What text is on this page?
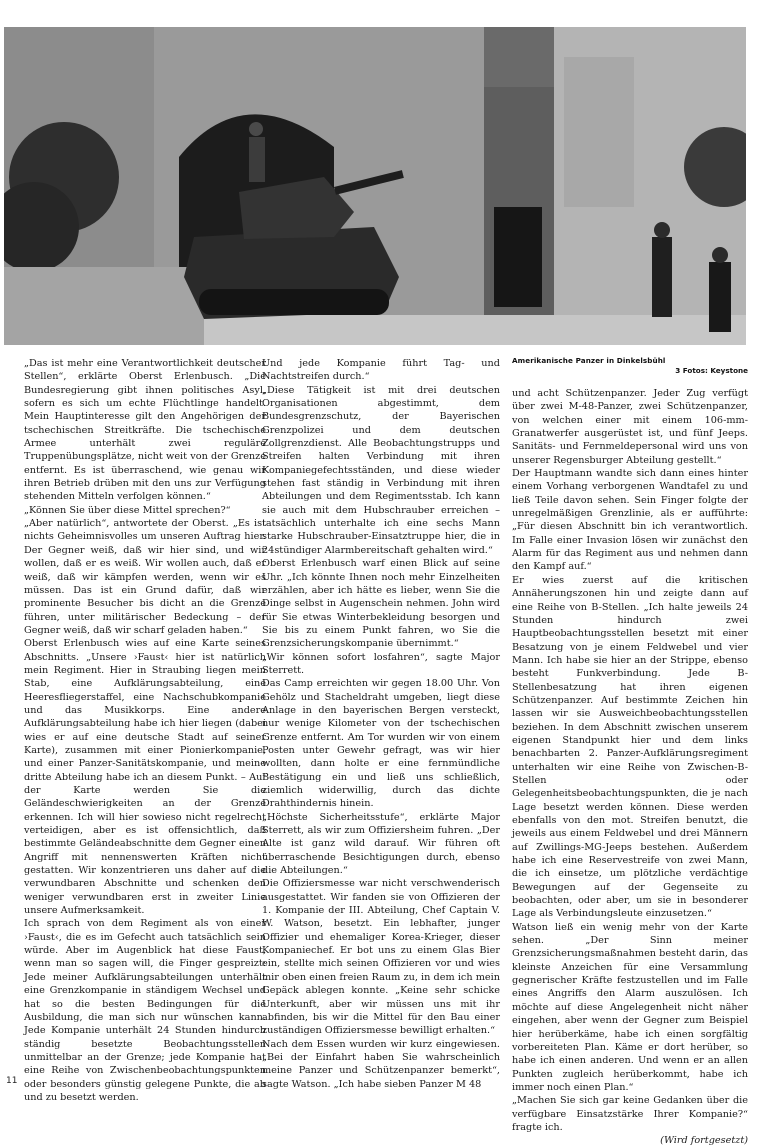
Amerikanische Panzer in Dinkelsbühl
3 Fotos: Keystone

„Das ist mehr eine Verantwortlichkeit deutscher Stellen“, erklärte Oberst Erlenbusch. „Die Bundesregierung gibt ihnen politisches Asyl, sofern es sich um echte Flüchtlinge handelt. Mein Hauptinteresse gilt den Angehörigen der tschechischen Streitkräfte. Die tschechische Armee unterhält zwei reguläre Truppenübungsplätze, nicht weit von der Grenze entfernt. Es ist überraschend, wie genau wir ihren Betrieb drüben mit den uns zur Verfügung stehenden Mitteln verfolgen können.“

„Können Sie über diese Mittel sprechen?“

„Aber natürlich“, antwortete der Oberst. „Es ist nichts Geheimnisvolles um unseren Auftrag hier. Der Gegner weiß, daß wir hier sind, und wir wollen, daß er es weiß. Wir wollen auch, daß er weiß, daß wir kämpfen werden, wenn wir es müssen. Das ist ein Grund dafür, daß wir prominente Besucher bis dicht an die Grenze führen, unter militärischer Bedeckung – der Gegner weiß, daß wir scharf geladen haben.“

Oberst Erlenbusch wies auf eine Karte seines Abschnitts. „Unsere ›Faust‹ hier ist natürlich mein Regiment. Hier in Straubing liegen mein Stab, eine Aufklärungsabteilung, eine Heeresfliegerstaffel, eine Nachschubkompanie und das Musikkorps. Eine andere Aufklärungsabteilung habe ich hier liegen (dabei wies er auf eine deutsche Stadt auf seiner Karte), zusammen mit einer Pionierkompanie, und einer Panzer-Sanitätskompanie, und meine dritte Abteilung habe ich an diesem Punkt. – Auf der Karte werden Sie die Geländeschwierigkeiten an der Grenze erkennen. Ich will hier sowieso nicht regelrecht verteidigen, aber es ist offensichtlich, daß bestimmte Geländeabschnitte dem Gegner einen Angriff mit nennenswerten Kräften nicht gestatten. Wir konzentrieren uns daher auf die verwundbaren Abschnitte und schenken den weniger verwundbaren erst in zweiter Linie unsere Aufmerksamkeit.

Ich sprach von dem Regiment als von einer ›Faust‹, die es im Gefecht auch tatsächlich sein würde. Aber im Augenblick hat diese Faust, wenn man so sagen will, die Finger gespreizt: Jede meiner Aufklärungsabteilungen unterhält eine Grenzkompanie in ständigem Wechsel und hat so die besten Bedingungen für die Ausbildung, die man sich nur wünschen kann. Jede Kompanie unterhält 24 Stunden hindurch ständig besetzte Beobachtungsstellen unmittelbar an der Grenze; jede Kompanie hat eine Reihe von Zwischenbeobachtungspunkten oder besonders günstig gelegene Punkte, die ab und zu besetzt werden.

Und jede Kompanie führt Tag- und Nachtstreifen durch.“

„Diese Tätigkeit ist mit drei deutschen Organisationen abgestimmt, dem Bundesgrenzschutz, der Bayerischen Grenzpolizei und dem deutschen Zollgrenzdienst. Alle Beobachtungstrupps und Streifen halten Verbindung mit ihren Kompaniegefechtsständen, und diese wieder stehen fast ständig in Verbindung mit ihren Abteilungen und dem Regimentsstab. Ich kann sie auch mit dem Hubschrauber erreichen – tatsächlich unterhalte ich eine sechs Mann starke Hubschrauber-Einsatztruppe hier, die in 24stündiger Alarmbereitschaft gehalten wird.“

Oberst Erlenbusch warf einen Blick auf seine Uhr. „Ich könnte Ihnen noch mehr Einzelheiten erzählen, aber ich hätte es lieber, wenn Sie die Dinge selbst in Augenschein nehmen. John wird für Sie etwas Winterbekleidung besorgen und Sie bis zu einem Punkt fahren, wo Sie die Grenzsicherungskompanie übernimmt.“

„Wir können sofort losfahren“, sagte Major Sterrett.

Das Camp erreichten wir gegen 18.00 Uhr. Von Gehölz und Stacheldraht umgeben, liegt diese Anlage in den bayerischen Bergen versteckt, nur wenige Kilometer von der tschechischen Grenze entfernt. Am Tor wurden wir von einem Posten unter Gewehr gefragt, was wir hier wollten, dann holte er eine fernmündliche Bestätigung ein und ließ uns schließlich, ziemlich widerwillig, durch das dichte Drahthindernis hinein.

„Höchste Sicherheitsstufe“, erklärte Major Sterrett, als wir zum Offiziersheim fuhren. „Der Alte ist ganz wild darauf. Wir führen oft überraschende Besichtigungen durch, ebenso die Abteilungen.“

Die Offiziersmesse war nicht verschwenderisch ausgestattet. Wir fanden sie von Offizieren der 1. Kompanie der III. Abteilung, Chef Captain V. W. Watson, besetzt. Ein lebhafter, junger Offizier und ehemaliger Korea-Krieger, dieser Kompaniechef. Er bot uns zu einem Glas Bier ein, stellte mich seinen Offizieren vor und wies mir oben einen freien Raum zu, in dem ich mein Gepäck ablegen konnte. „Keine sehr schicke Unterkunft, aber wir müssen uns mit ihr abfinden, bis wir die Mittel für den Bau einer zuständigen Offiziersmesse bewilligt erhalten.“

Nach dem Essen wurden wir kurz eingewiesen. „Bei der Einfahrt haben Sie wahrscheinlich meine Panzer und Schützenpanzer bemerkt“, sagte Watson. „Ich habe sieben Panzer M 48

und acht Schützenpanzer. Jeder Zug verfügt über zwei M-48-Panzer, zwei Schützenpanzer, von welchen einer mit einem 106-mm-Granatwerfer ausgerüstet ist, und fünf Jeeps. Sanitäts- und Fernmeldepersonal wird uns von unserer Regensburger Abteilung gestellt.“

Der Hauptmann wandte sich dann eines hinter einem Vorhang verborgenen Wandtafel zu und ließ Teile davon sehen. Sein Finger folgte der unregelmäßigen Grenzlinie, als er aufführte: „Für diesen Abschnitt bin ich verantwortlich. Im Falle einer Invasion lösen wir zunächst den Alarm für das Regiment aus und nehmen dann den Kampf auf.“

Er wies zuerst auf die kritischen Annäherungszonen hin und zeigte dann auf eine Reihe von B-Stellen. „Ich halte jeweils 24 Stunden hindurch zwei Hauptbeobachtungsstellen besetzt mit einer Besatzung von je einem Feldwebel und vier Mann. Ich habe sie hier an der Strippe, ebenso besteht Funkverbindung. Jede B-Stellenbesatzung hat ihren eigenen Schützenpanzer. Auf bestimmte Zeichen hin lassen wir sie Ausweichbeobachtungsstellen beziehen. In dem Abschnitt zwischen unserem eigenen Standpunkt hier und dem links benachbarten 2. Panzer-Aufklärungsregiment unterhalten wir eine Reihe von Zwischen-B-Stellen oder Gelegenheitsbeobachtungspunkten, die je nach Lage besetzt werden können. Diese werden ebenfalls von den mot. Streifen benutzt, die jeweils aus einem Feldwebel und drei Männern auf Zwillings-MG-Jeeps bestehen. Außerdem habe ich eine Reservestreife von zwei Mann, die ich einsetze, um plötzliche verdächtige Bewegungen auf der Gegenseite zu beobachten, oder aber, um sie in besonderer Lage als Verbindungsleute einzusetzen.“

Watson ließ ein wenig mehr von der Karte sehen. „Der Sinn meiner Grenzsicherungsmaßnahmen besteht darin, das kleinste Anzeichen für eine Versammlung gegnerischer Kräfte festzustellen und im Falle eines Angriffs den Alarm auszulösen. Ich möchte auf diese Angelegenheit nicht näher eingehen, aber wenn der Gegner zum Beispiel hier herüberkäme, habe ich einen sorgfältig vorbereiteten Plan. Käme er dort herüber, so habe ich einen anderen. Und wenn er an allen Punkten zugleich herüberkommt, habe ich immer noch einen Plan.“

„Machen Sie sich gar keine Gedanken über die verfügbare Einsatzstärke Ihrer Kompanie?“ fragte ich.

(Wird fortgesetzt)

11
